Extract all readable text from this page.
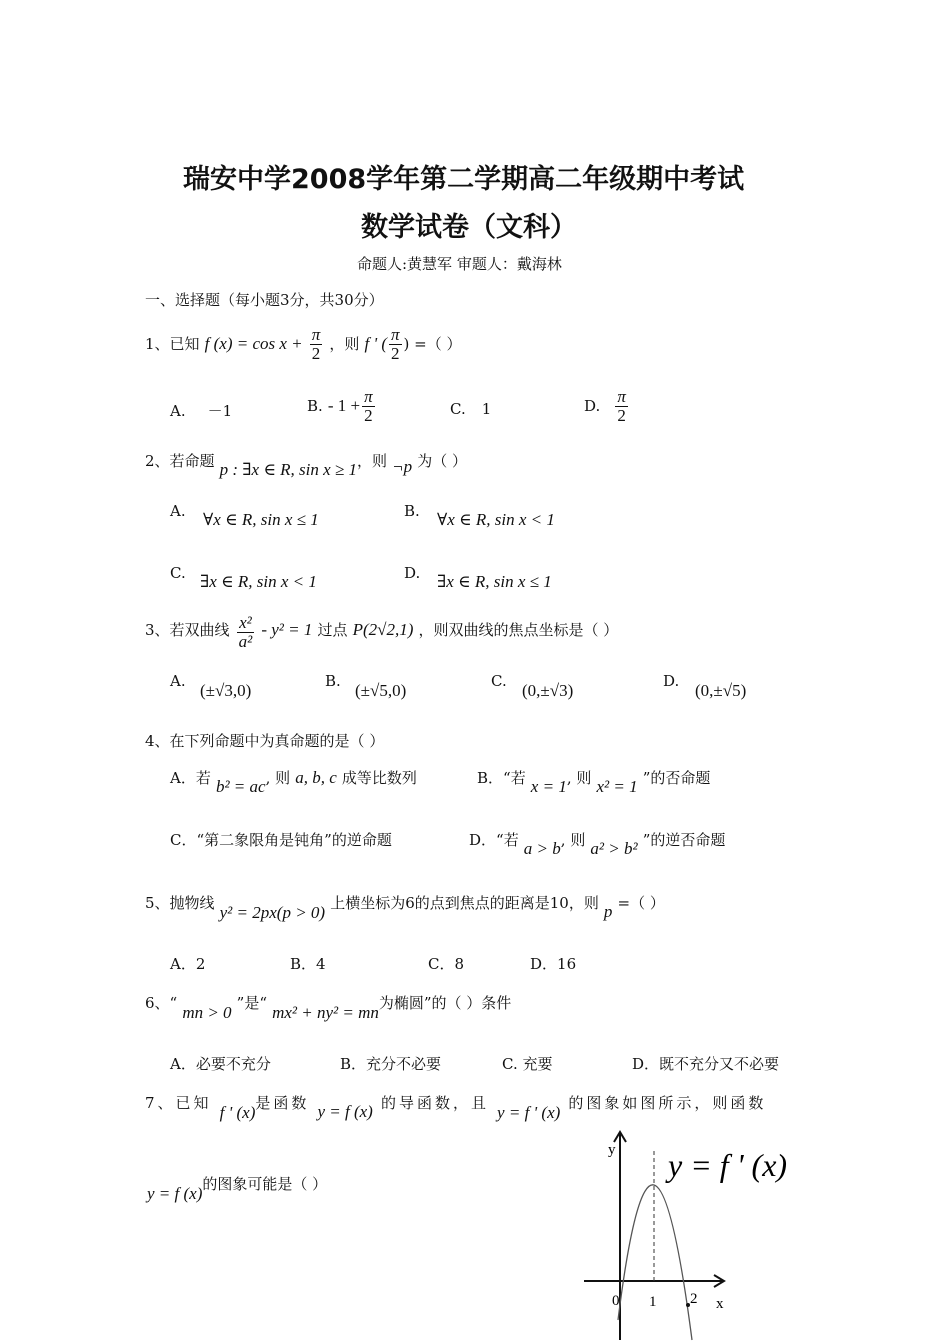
瑞安中学2008学年第二学期高二年级期中考试
数学试卷（文科）
命题人:黄慧军 审题人：戴海林
一、选择题（每小题3分，共30分）
1、已知 f $(x) = \cos x + \frac{\pi}{2}$ ，则 f ' ( $\frac{\pi}{2}$ ) =（ ）
A. －1	B. - $1 + \frac{\pi}{2}$	C. 1	D. $\frac{\pi}{2}$
2、若命题 p : ∃x ∈ R, sin x ≥ 1，则 ¬p 为（ ）
A. ∀x ∈ R, sin x ≤ 1	B. ∀x ∈ R, sin x < 1
C. ∃x ∈ R, sin x < 1	D. ∃x ∈ R, sin x ≤ 1
3、若双曲线 $\frac{\text{x²}}{\text{a²}} - y^2 = 1$ 过点 P(2√2,1) ，则双曲线的焦点坐标是（ ）
A. (±√3,0)	B. (±√5,0)	C. (0,±√3)	D. (0,±√5)
4、在下列命题中为真命题的是（ ）
A．若 b² = ac, 则 a, b, c 成等比数列	B．“若 x = 1, 则 x² = 1 ”的否命题
C．“第二象限角是钝角”的逆命题	D．“若 a > b, 则 a² > b² ”的逆否命题
5、抛物线 y² = 2px(p > 0) 上横坐标为6的点到焦点的距离是10，则 p =（ ）
A．2	B．4	C．8	D．16
6、“ mn > 0 ”是“ mx² + ny² = mn为椭圆”的（ ）条件
A．必要不充分	B．充分不必要	C. 充要	D．既不充分又不必要
7、已知 f ' (x)是函数 y = f (x) 的导函数，且 y = f ' (x) 的图象如图所示，则函数
y = f (x)的图象可能是（ ）
y
x
0 1 2
y = f ' (x)
